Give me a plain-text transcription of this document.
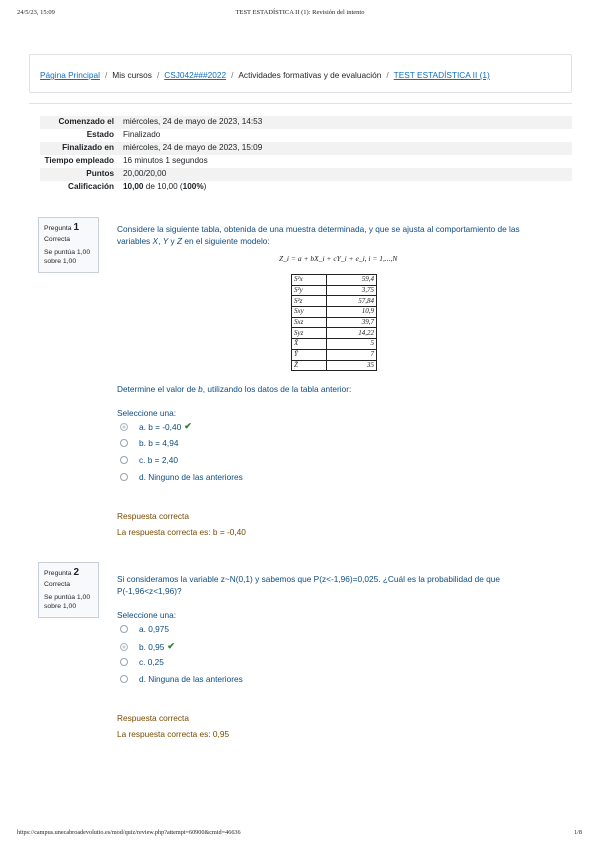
24/5/23, 15:09	TEST ESTADÍSTICA II (1): Revisión del intento
Página Principal / Mis cursos / CSJ042###2022 / Actividades formativas y de evaluación / TEST ESTADÍSTICA II (1)
Comenzado el	miércoles, 24 de mayo de 2023, 14:53
Estado	Finalizado
Finalizado en	miércoles, 24 de mayo de 2023, 15:09
Tiempo empleado	16 minutos 1 segundos
Puntos	20,00/20,00
Calificación	10,00 de 10,00 (100%)
Pregunta 1
Correcta
Se puntúa 1,00 sobre 1,00
Considere la siguiente tabla, obtenida de una muestra determinada, y que se ajusta al comportamiento de las variables X, Y y Z en el siguiente modelo:
Z_i = a + bX_i + cY_i + e_i, i = 1,...,N
S²x	59,4
S²y	3,75
S²z	57,84
Sxy	10,9
Sxz	39,7
Syz	14,22
X̄	5
Ȳ	7
Z̄	35
Determine el valor de b, utilizando los datos de la tabla anterior:
Seleccione una:
a. b = -0,40 ✔
b. b = 4,94
c. b = 2,40
d. Ninguno de las anteriores
Respuesta correcta
La respuesta correcta es: b = -0,40
Pregunta 2
Correcta
Se puntúa 1,00 sobre 1,00
Si consideramos la variable z~N(0,1) y sabemos que P(z<-1,96)=0,025. ¿Cuál es la probabilidad de que P(-1,96<z<1,96)?
Seleccione una:
a. 0,975
b. 0,95 ✔
c. 0,25
d. Ninguna de las anteriores
Respuesta correcta
La respuesta correcta es: 0,95
https://campus.unecabroadevolutio.es/mod/quiz/review.php?attempt=60900&cmid=46636	1/8
